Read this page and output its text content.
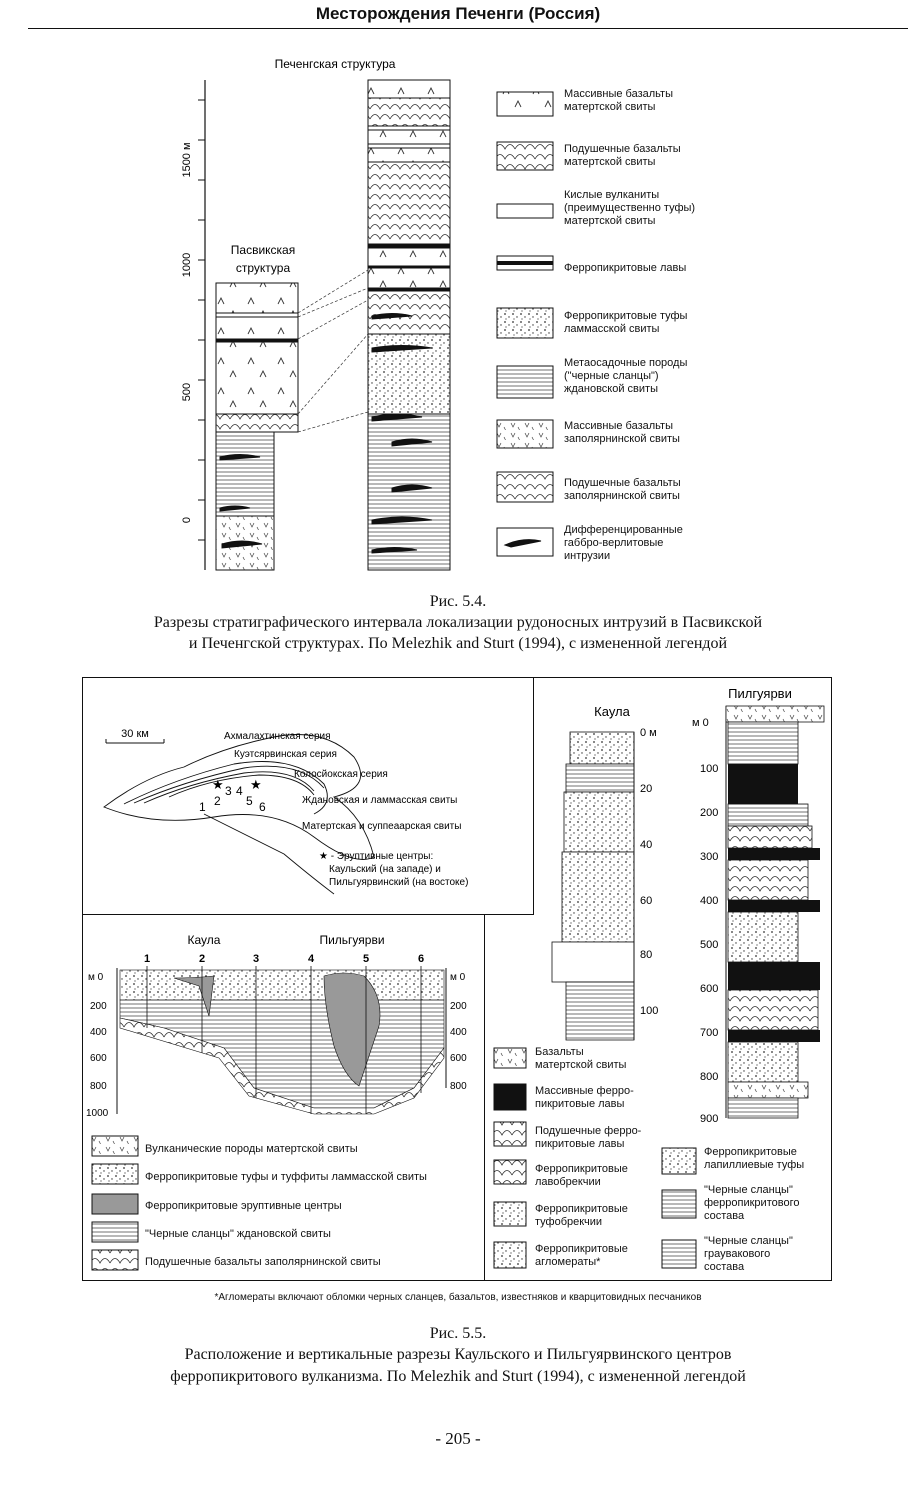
Месторождения Печенги (Россия)
1500 м
1000
500
0
Печенгская структура
Пасвикская
структура
Массивные базальты
матертской свиты
Подушечные базальты
матертской свиты
Кислые вулканиты
(преимущественно туфы)
матертской свиты
Ферропикритовые лавы
Ферропикритовые туфы
ламмасской свиты
Метаосадочные породы
("черные сланцы")
ждановской свиты
Массивные базальты
заполярнинской свиты
Подушечные базальты
заполярнинской свиты
Дифференцированные
габбро-верлитовые
интрузии
Рис. 5.4.
Разрезы стратиграфического интервала локализации рудоносных интрузий в Пасвикской
и Печенгской структурах. По Melezhik and Sturt (1994), с измененной легендой
30 км	Ахмалахтинская серия
Куэтсярвинская серия
Колосйокская серия
Ждановская и ламмасская свиты
Матертская и суппеаарская свиты
★ - Эруптивные центры:
Каульский (на западе) и
Пильгуярвинский (на востоке)
1 2
3 4
5 6
★ ★
Каула	Пильгуярви
1	2	3	4	5	6
м 0
200
400
600
800
1000
м 0
200
400
600
800
Вулканические породы матертской свиты
Ферропикритовые туфы и туффиты ламмасской свиты
Ферропикритовые эруптивные центры
"Черные сланцы" ждановской свиты
Подушечные базальты заполярнинской свиты
Каула
0 м
20
40
60
80
100
Пилгуярви
м 0
100
200
300
400
500
600
700
800
900
Базальты
матертской свиты
Массивные ферро-
пикритовые лавы
Подушечные ферро-
пикритовые лавы
Ферропикритовые
лавобрекчии
Ферропикритовые
туфобрекчии
Ферропикритовые
агломераты*
Ферропикритовые
лапиллиевые туфы
"Черные сланцы"
ферропикритового
состава
"Черные сланцы"
граувакового
состава
*Агломераты включают обломки черных сланцев, базальтов, известняков и кварцитовидных песчаников
Рис. 5.5.
Расположение и вертикальные разрезы Каульского и Пильгуярвинского центров
ферропикритового вулканизма. По Melezhik and Sturt (1994), с измененной легендой
- 205 -
